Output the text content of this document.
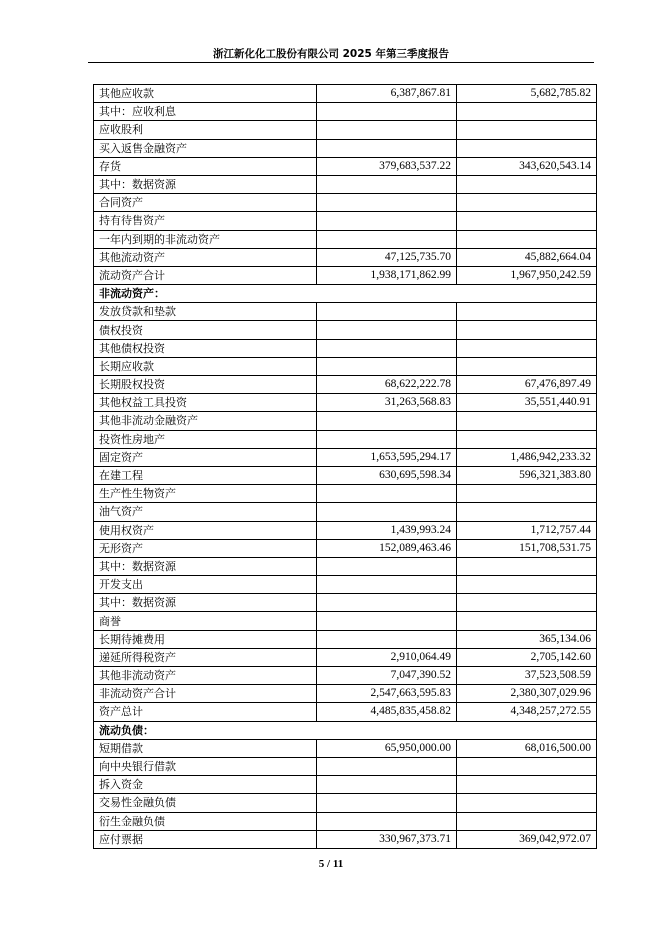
浙江新化化工股份有限公司 2025 年第三季度报告
其他应收款	6,387,867.81	5,682,785.82
其中：应收利息		
应收股利		
买入返售金融资产		
存货	379,683,537.22	343,620,543.14
其中：数据资源		
合同资产		
持有待售资产		
一年内到期的非流动资产		
其他流动资产	47,125,735.70	45,882,664.04
流动资产合计	1,938,171,862.99	1,967,950,242.59
非流动资产：		
发放贷款和垫款		
债权投资		
其他债权投资		
长期应收款		
长期股权投资	68,622,222.78	67,476,897.49
其他权益工具投资	31,263,568.83	35,551,440.91
其他非流动金融资产		
投资性房地产		
固定资产	1,653,595,294.17	1,486,942,233.32
在建工程	630,695,598.34	596,321,383.80
生产性生物资产		
油气资产		
使用权资产	1,439,993.24	1,712,757.44
无形资产	152,089,463.46	151,708,531.75
其中：数据资源		
开发支出		
其中：数据资源		
商誉		
长期待摊费用		365,134.06
递延所得税资产	2,910,064.49	2,705,142.60
其他非流动资产	7,047,390.52	37,523,508.59
非流动资产合计	2,547,663,595.83	2,380,307,029.96
资产总计	4,485,835,458.82	4,348,257,272.55
流动负债：		
短期借款	65,950,000.00	68,016,500.00
向中央银行借款		
拆入资金		
交易性金融负债		
衍生金融负债		
应付票据	330,967,373.71	369,042,972.07
5 / 11
